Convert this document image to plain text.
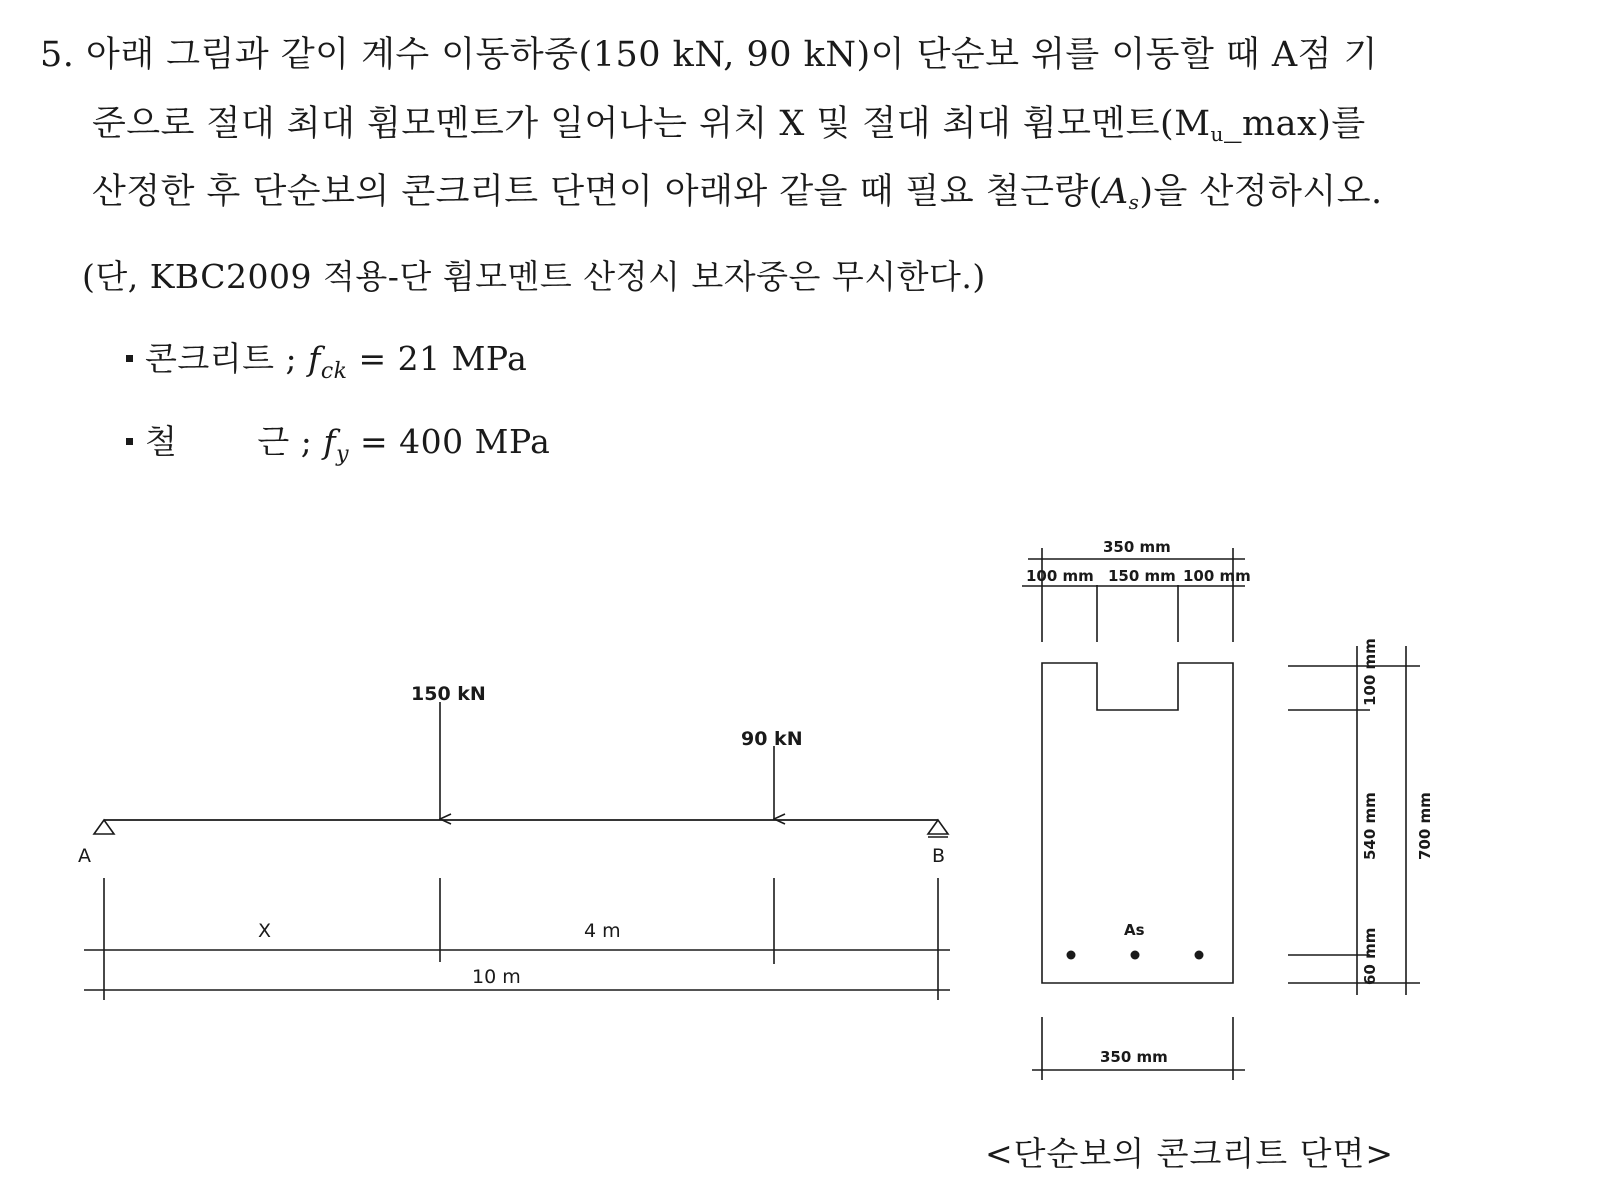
5. 아래 그림과 같이 계수 이동하중(150 kN, 90 kN)이 단순보 위를 이동할 때 A점 기
준으로 절대 최대 휨모멘트가 일어나는 위치 X 및 절대 최대 휨모멘트(Mu_max)를
산정한 후 단순보의 콘크리트 단면이 아래와 같을 때 필요 철근량(As)을 산정하시오.
(단, KBC2009 적용-단 휨모멘트 산정시 보자중은 무시한다.)
콘크리트 ; $f_{ck} = 21$ MPa
철 근 ; $f_y = 400$ MPa
150 kN
90 kN
A	B
X	4 m
10 m
350 mm
100 mm 150 mm 100 mm
350 mm
As
100 mm
540 mm
60 mm
700 mm
<단순보의 콘크리트 단면>
